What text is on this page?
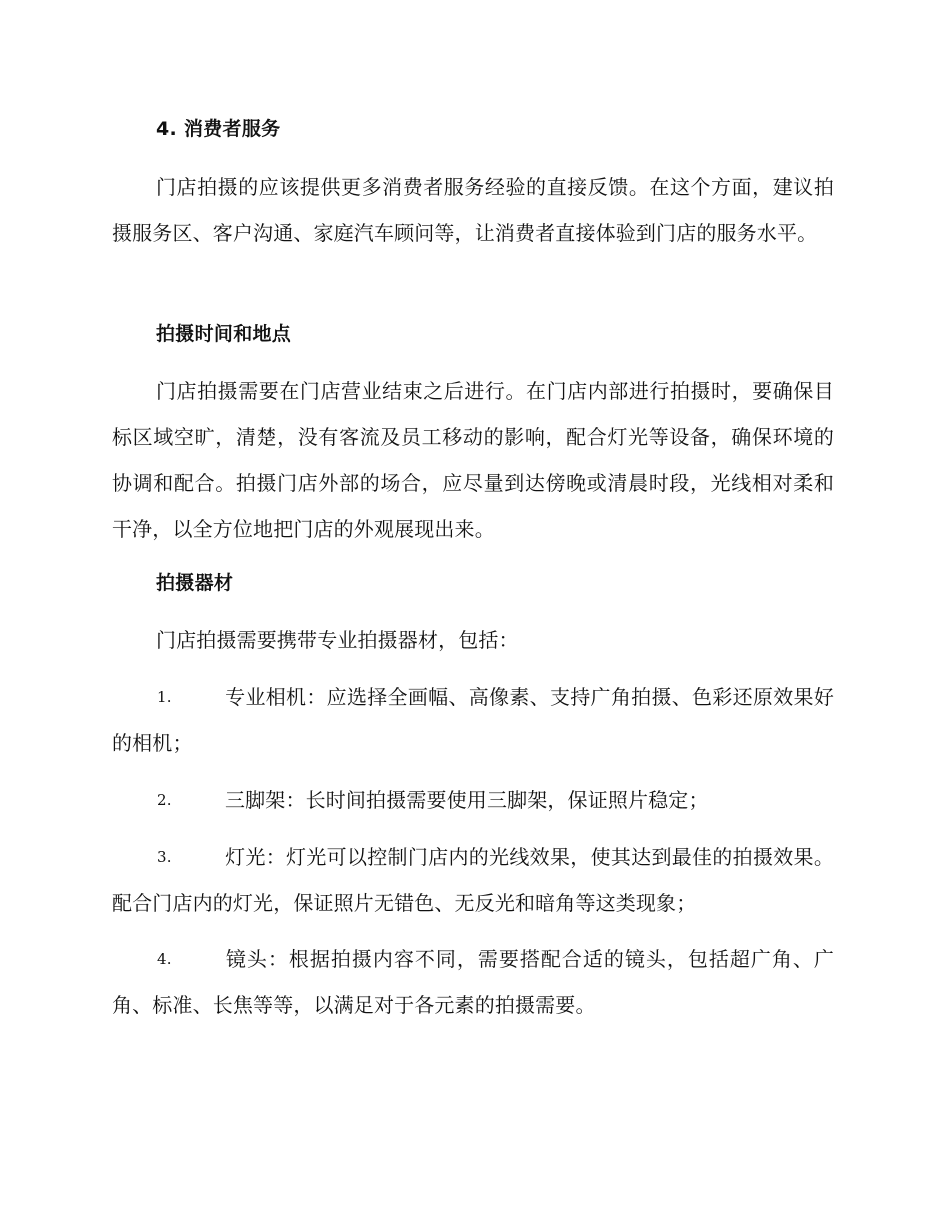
4. 消费者服务

门店拍摄的应该提供更多消费者服务经验的直接反馈。在这个方面，建议拍摄服务区、客户沟通、家庭汽车顾问等，让消费者直接体验到门店的服务水平。

拍摄时间和地点

门店拍摄需要在门店营业结束之后进行。在门店内部进行拍摄时，要确保目标区域空旷，清楚，没有客流及员工移动的影响，配合灯光等设备，确保环境的协调和配合。拍摄门店外部的场合，应尽量到达傍晚或清晨时段，光线相对柔和干净，以全方位地把门店的外观展现出来。

拍摄器材

门店拍摄需要携带专业拍摄器材，包括：

1.	专业相机：应选择全画幅、高像素、支持广角拍摄、色彩还原效果好的相机；

2.	三脚架：长时间拍摄需要使用三脚架，保证照片稳定；

3.	灯光：灯光可以控制门店内的光线效果，使其达到最佳的拍摄效果。配合门店内的灯光，保证照片无错色、无反光和暗角等这类现象；

4.	镜头：根据拍摄内容不同，需要搭配合适的镜头，包括超广角、广角、标准、长焦等等，以满足对于各元素的拍摄需要。
